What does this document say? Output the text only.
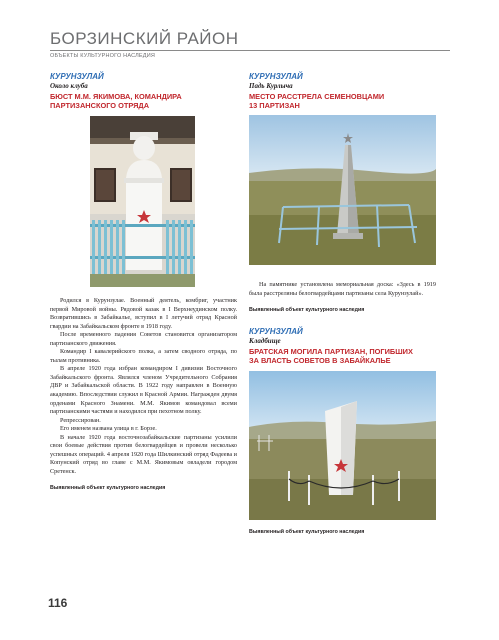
БОРЗИНСКИЙ РАЙОН
ОБЪЕКТЫ КУЛЬТУРНОГО НАСЛЕДИЯ
КУРУНЗУЛАЙ
Около клуба
БЮСТ М.М. ЯКИМОВА, КОМАНДИРА
ПАРТИЗАНСКОГО ОТРЯДА

Родился в Курунзулае. Военный деятель, комбриг, участник первой Мировой войны. Рядовой казак в I Верхнеудинском полку. Возвратившись в Забайкалье, вступил в I летучий отряд Красной гвардии на Забайкальском фронте в 1918 году.

После временного падения Советов становится организатором партизанского движения.

Командир I кавалерийского полка, а затем сводного отряда, по тылам противника.

В апреле 1920 года избран командиром I дивизии Восточного Забайкальского фронта. Являлся членом Учредительного Собрания ДВР и Забайкальской области. В 1922 году направлен в Военную академию. Впоследствии служил в Красной Армии. Награжден двумя орденами Красного Знамени. М.М. Якимов командовал всеми партизанскими частями и находился при пехотном полку.

Репрессирован.

Его именем названа улица в г. Борзе.

В начале 1920 года восточнозабайкальские партизаны усилили свои боевые действия против белогвардейцев и провели несколько успешных операций. 4 апреля 1920 года Шилкинский отряд Фадеева и Копунский отряд во главе с М.М. Якимовым овладели городом Сретенск.

Выявленный объект культурного наследия
КУРУНЗУЛАЙ
Падь Курлыча
МЕСТО РАССТРЕЛА СЕМЕНОВЦАМИ
13 ПАРТИЗАН

На памятнике установлена мемориальная доска: «Здесь в 1919 была расстреляны белогвардейцами партизаны села Курунзулай».

Выявленный объект культурного наследия
КУРУНЗУЛАЙ
Кладбище
БРАТСКАЯ МОГИЛА ПАРТИЗАН, ПОГИБШИХ
ЗА ВЛАСТЬ СОВЕТОВ В ЗАБАЙКАЛЬЕ
Выявленный объект культурного наследия
116
